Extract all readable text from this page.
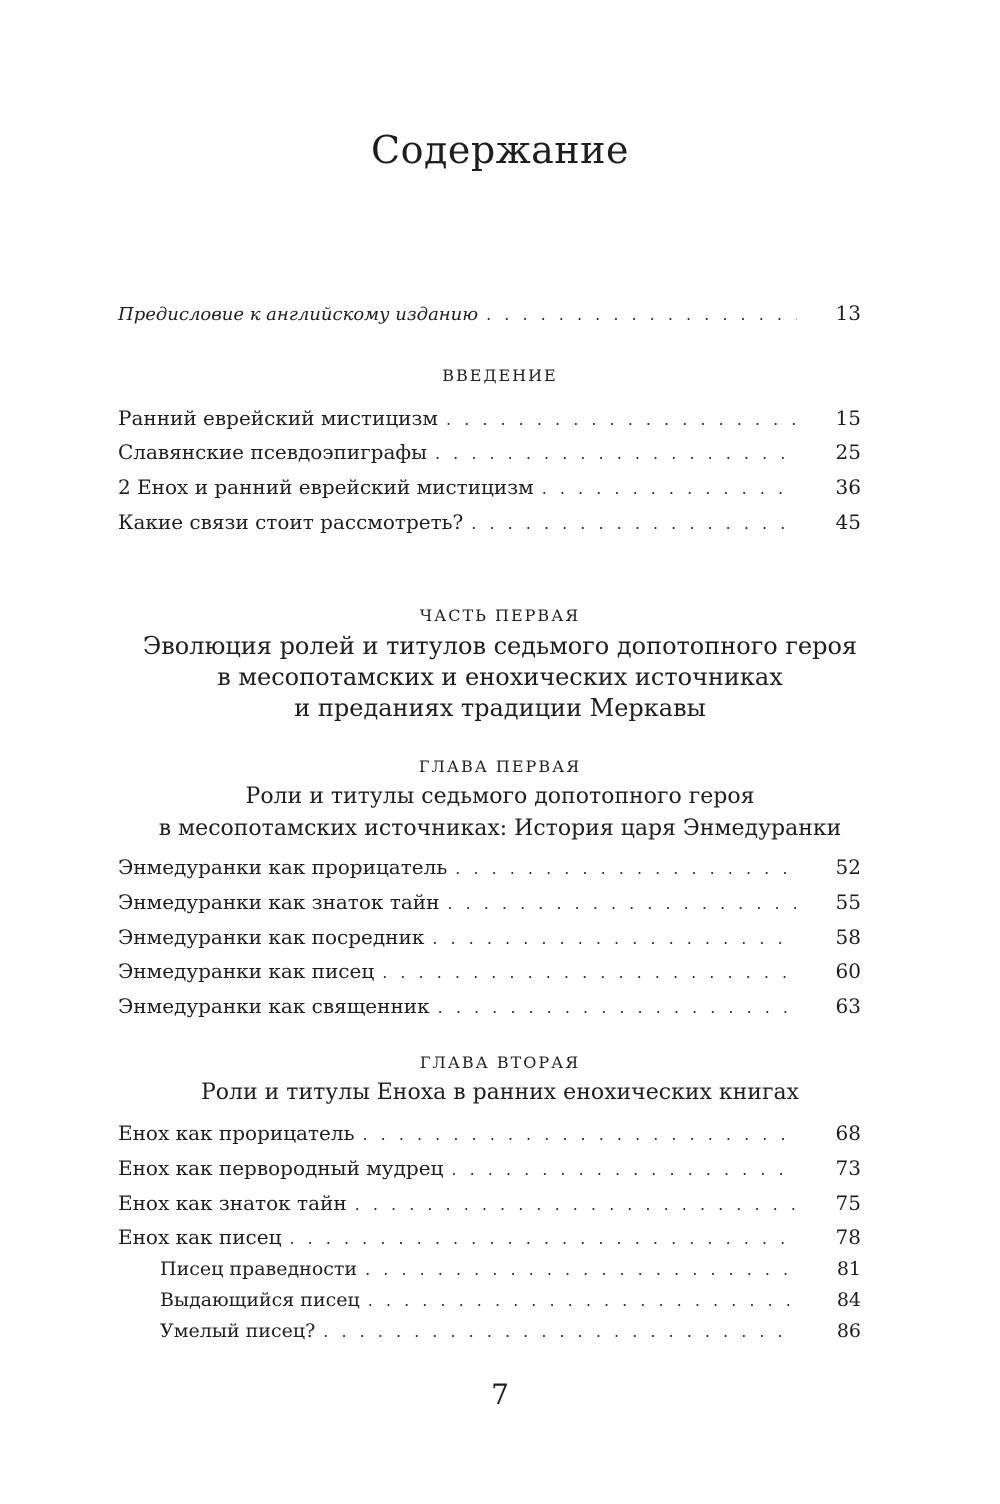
Содержание
Предисловие к английскому изданию . . .	13
ВВЕДЕНИЕ
Ранний еврейский мистицизм . . .	15
Славянские псевдоэпиграфы . . .	25
2 Енох и ранний еврейский мистицизм . . .	36
Какие связи стоит рассмотреть? . . .	45
ЧАСТЬ ПЕРВАЯ
Эволюция ролей и титулов седьмого допотопного героя
в месопотамских и енохических источниках
и преданиях традиции Меркавы
ГЛАВА ПЕРВАЯ
Роли и титулы седьмого допотопного героя
в месопотамских источниках: История царя Энмедуранки
Энмедуранки как прорицатель . . .	52
Энмедуранки как знаток тайн . . .	55
Энмедуранки как посредник . . .	58
Энмедуранки как писец . . .	60
Энмедуранки как священник . . .	63
ГЛАВА ВТОРАЯ
Роли и титулы Еноха в ранних енохических книгах
Енох как прорицатель . . .	68
Енох как первородный мудрец . . .	73
Енох как знаток тайн . . .	75
Енох как писец . . .	78
Писец праведности . . .	81
Выдающийся писец . . .	84
Умелый писец? . . .	86
7
